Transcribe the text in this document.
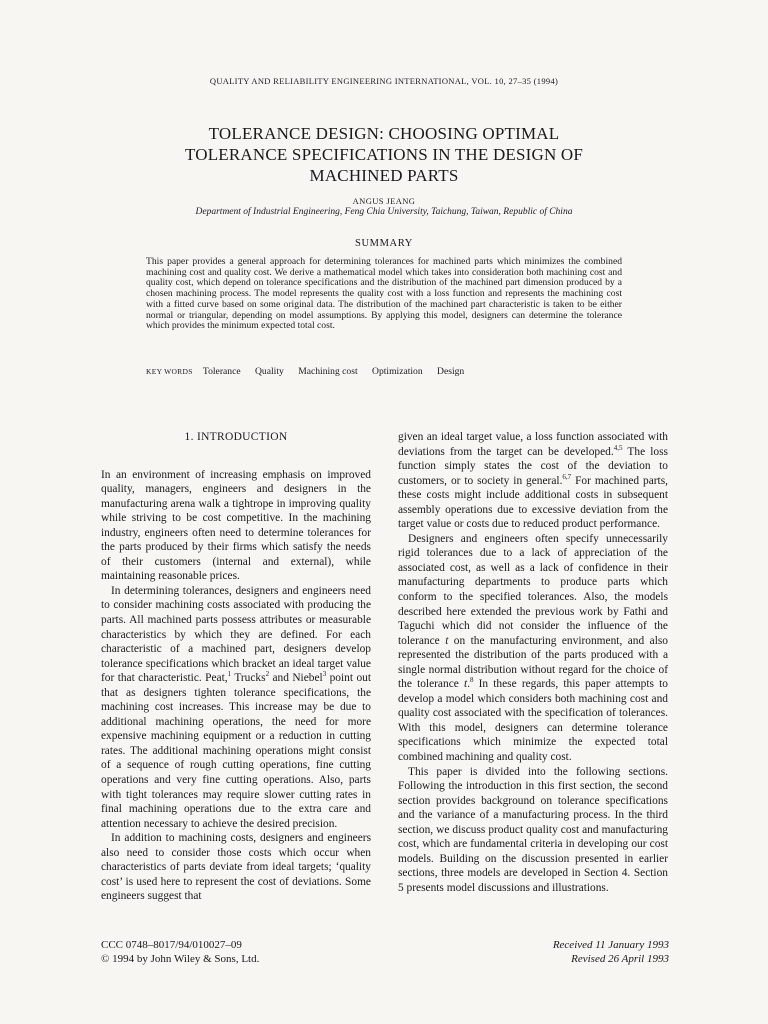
QUALITY AND RELIABILITY ENGINEERING INTERNATIONAL, VOL. 10, 27–35 (1994)
TOLERANCE DESIGN: CHOOSING OPTIMAL
TOLERANCE SPECIFICATIONS IN THE DESIGN OF
MACHINED PARTS
ANGUS JEANG
Department of Industrial Engineering, Feng Chia University, Taichung, Taiwan, Republic of China
SUMMARY
This paper provides a general approach for determining tolerances for machined parts which minimizes the combined machining cost and quality cost. We derive a mathematical model which takes into consideration both machining cost and quality cost, which depend on tolerance specifications and the distribution of the machined part dimension produced by a chosen machining process. The model represents the quality cost with a loss function and represents the machining cost with a fitted curve based on some original data. The distribution of the machined part characteristic is taken to be either normal or triangular, depending on model assumptions. By applying this model, designers can determine the tolerance which provides the minimum expected total cost.
KEY WORDS Tolerance Quality Machining cost Optimization Design
1. INTRODUCTION

In an environment of increasing emphasis on improved quality, managers, engineers and designers in the manufacturing arena walk a tightrope in improving quality while striving to be cost competitive. In the machining industry, engineers often need to determine tolerances for the parts produced by their firms which satisfy the needs of their customers (internal and external), while maintaining reasonable prices.

In determining tolerances, designers and engineers need to consider machining costs associated with producing the parts. All machined parts possess attributes or measurable characteristics by which they are defined. For each characteristic of a machined part, designers develop tolerance specifications which bracket an ideal target value for that characteristic. Peat,$^1$ Trucks$^2$ and Niebel$^3$ point out that as designers tighten tolerance specifications, the machining cost increases. This increase may be due to additional machining operations, the need for more expensive machining equipment or a reduction in cutting rates. The additional machining operations might consist of a sequence of rough cutting operations, fine cutting operations and very fine cutting operations. Also, parts with tight tolerances may require slower cutting rates in final machining operations due to the extra care and attention necessary to achieve the desired precision.

In addition to machining costs, designers and engineers also need to consider those costs which occur when characteristics of parts deviate from ideal targets; ‘quality cost’ is used here to represent the cost of deviations. Some engineers suggest that

given an ideal target value, a loss function associated with deviations from the target can be developed.$^{4,5}$ The loss function simply states the cost of the deviation to customers, or to society in general.$^{6,7}$ For machined parts, these costs might include additional costs in subsequent assembly operations due to excessive deviation from the target value or costs due to reduced product performance.

Designers and engineers often specify unnecessarily rigid tolerances due to a lack of appreciation of the associated cost, as well as a lack of confidence in their manufacturing departments to produce parts which conform to the specified tolerances. Also, the models described here extended the previous work by Fathi and Taguchi which did not consider the influence of the tolerance t on the manufacturing environment, and also represented the distribution of the parts produced with a single normal distribution without regard for the choice of the tolerance t.$^8$ In these regards, this paper attempts to develop a model which considers both machining cost and quality cost associated with the specification of tolerances. With this model, designers can determine tolerance specifications which minimize the expected total combined machining and quality cost.

This paper is divided into the following sections. Following the introduction in this first section, the second section provides background on tolerance specifications and the variance of a manufacturing process. In the third section, we discuss product quality cost and manufacturing cost, which are fundamental criteria in developing our cost models. Building on the discussion presented in earlier sections, three models are developed in Section 4. Section 5 presents model discussions and illustrations.

CCC 0748–8017/94/010027–09
© 1994 by John Wiley & Sons, Ltd.
Received 11 January 1993
Revised 26 April 1993
